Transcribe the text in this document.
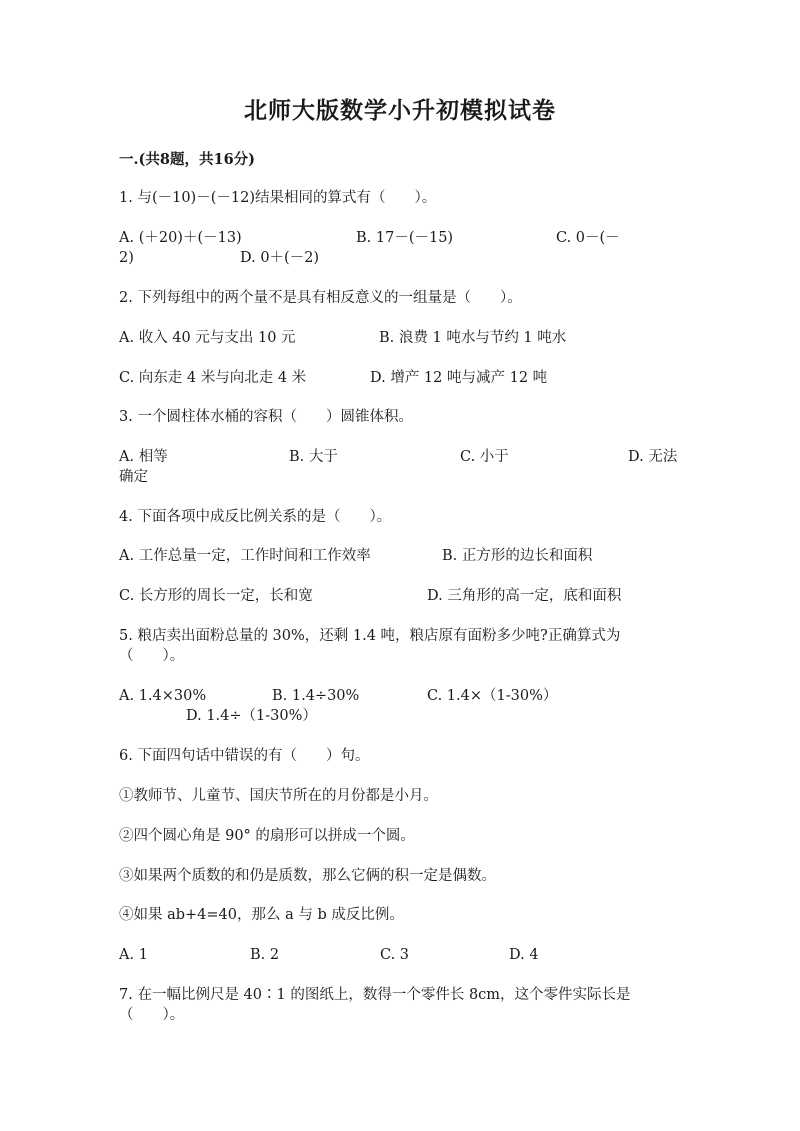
北师大版数学小升初模拟试卷
一.(共8题，共16分)
1. 与(－10)－(－12)结果相同的算式有（　　）。
A. (＋20)＋(－13)	B. 17－(－15)	C. 0－(－
2)	D. 0＋(－2)
2. 下列每组中的两个量不是具有相反意义的一组量是（　　）。
A. 收入 40 元与支出 10 元	B. 浪费 1 吨水与节约 1 吨水
C. 向东走 4 米与向北走 4 米	D. 增产 12 吨与减产 12 吨
3. 一个圆柱体水桶的容积（　　）圆锥体积。
A. 相等	B. 大于	C. 小于	D. 无法
确定
4. 下面各项中成反比例关系的是（　　）。
A. 工作总量一定，工作时间和工作效率	B. 正方形的边长和面积
C. 长方形的周长一定，长和宽	D. 三角形的高一定，底和面积
5. 粮店卖出面粉总量的 30%，还剩 1.4 吨，粮店原有面粉多少吨?正确算式为
（　　）。
A. 1.4×30%	B. 1.4÷30%	C. 1.4×（1-30%）
D. 1.4÷（1-30%）
6. 下面四句话中错误的有（　　）句。
①教师节、儿童节、国庆节所在的月份都是小月。
②四个圆心角是 90° 的扇形可以拼成一个圆。
③如果两个质数的和仍是质数，那么它俩的积一定是偶数。
④如果 ab+4=40，那么 a 与 b 成反比例。
A. 1	B. 2	C. 3	D. 4
7. 在一幅比例尺是 40∶1 的图纸上，数得一个零件长 8cm，这个零件实际长是
（　　）。
